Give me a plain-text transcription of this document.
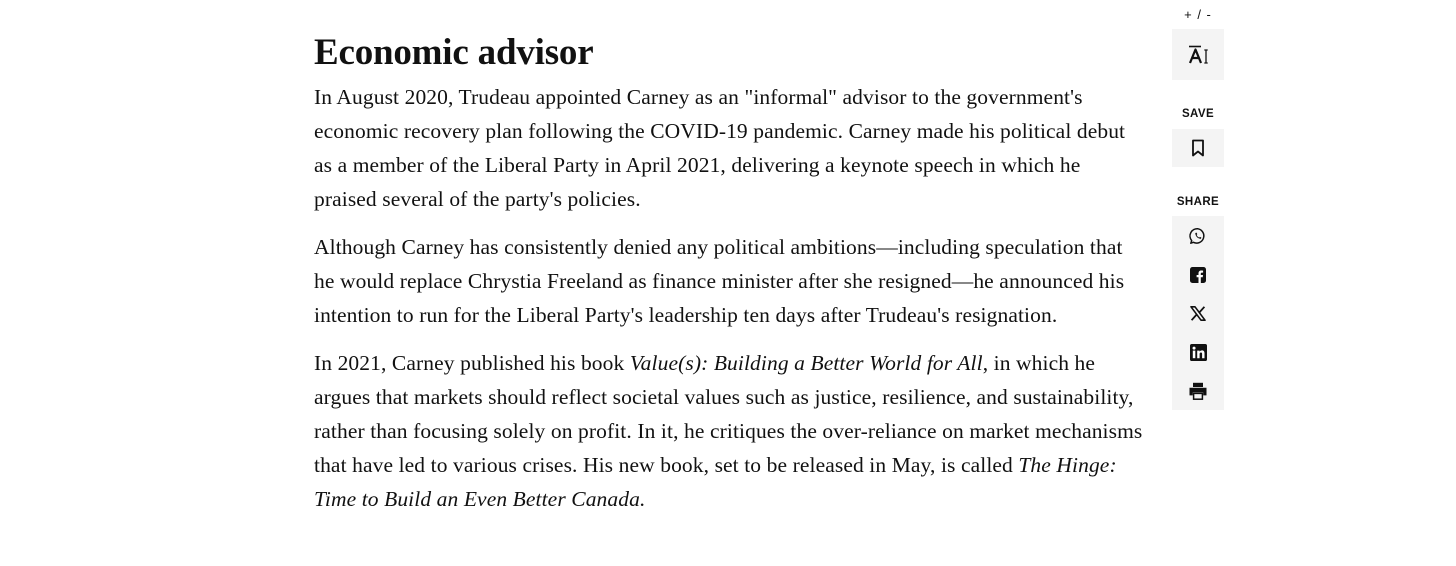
Economic advisor

In August 2020, Trudeau appointed Carney as an "informal" advisor to the government's economic recovery plan following the COVID-19 pandemic. Carney made his political debut as a member of the Liberal Party in April 2021, delivering a keynote speech in which he praised several of the party's policies.

Although Carney has consistently denied any political ambitions—including speculation that he would replace Chrystia Freeland as finance minister after she resigned—he announced his intention to run for the Liberal Party's leadership ten days after Trudeau's resignation.

In 2021, Carney published his book Value(s): Building a Better World for All, in which he argues that markets should reflect societal values such as justice, resilience, and sustainability, rather than focusing solely on profit. In it, he critiques the over-reliance on market mechanisms that have led to various crises. His new book, set to be released in May, is called The Hinge: Time to Build an Even Better Canada.

+ / -
SAVE
SHARE
